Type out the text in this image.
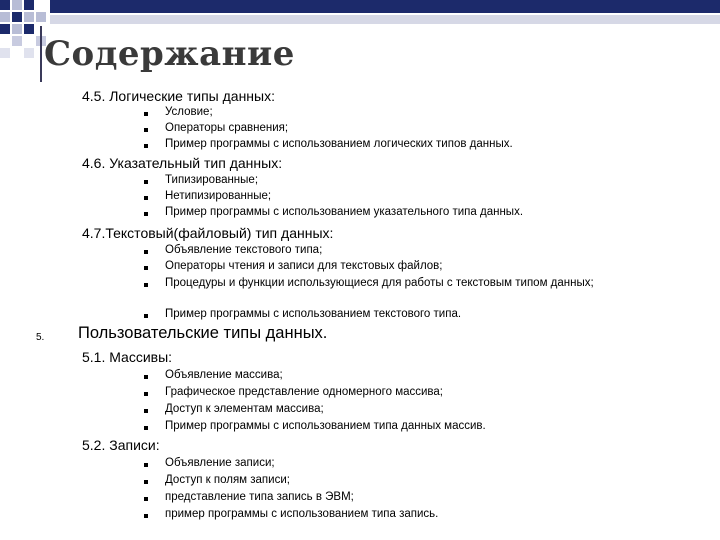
Содержание
4.5. Логические типы данных:
Условие;
Операторы сравнения;
Пример программы с использованием логических типов данных.
4.6. Указательный тип данных:
Типизированные;
Нетипизированные;
Пример программы с использованием указательного типа данных.
4.7.Текстовый(файловый) тип данных:
Объявление текстового типа;
Операторы чтения и записи для текстовых файлов;
Процедуры и функции использующиеся для работы с текстовым типом данных;
Пример программы с использованием текстового типа.
5. Пользовательские типы данных.
5.1. Массивы:
Объявление массива;
Графическое представление одномерного массива;
Доступ к элементам массива;
Пример программы с использованием типа данных массив.
5.2. Записи:
Объявление записи;
Доступ к полям записи;
представление типа запись в ЭВМ;
пример программы с использованием типа запись.
